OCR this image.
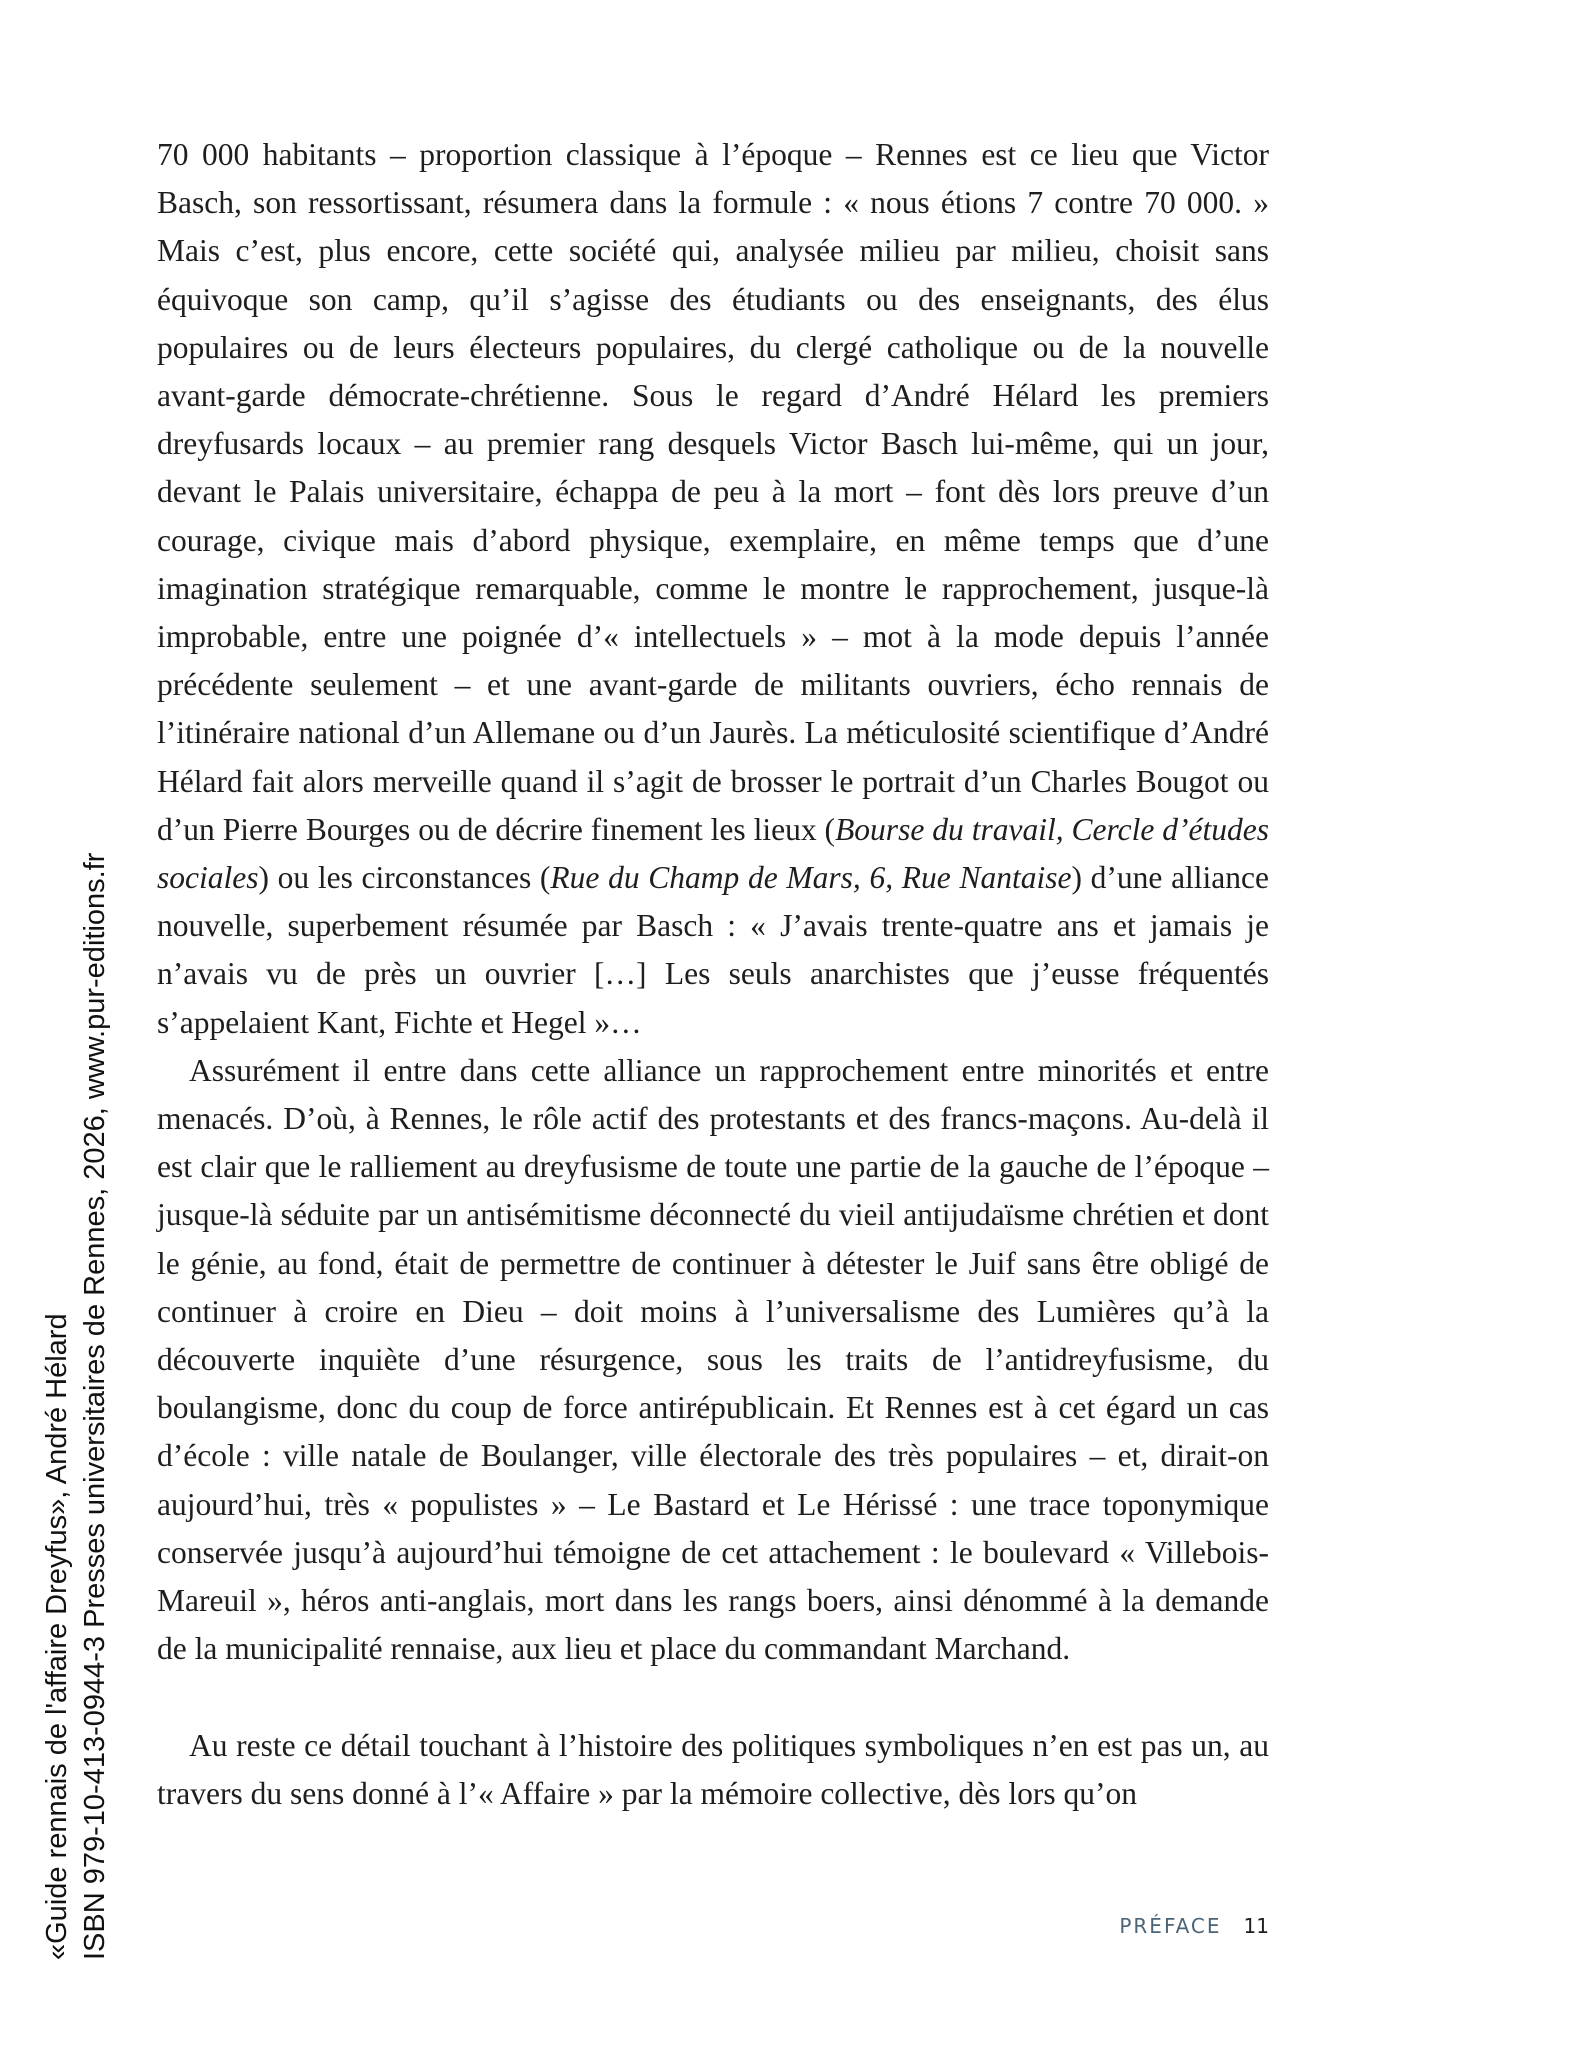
70 000 habitants – proportion classique à l’époque – Rennes est ce lieu que Victor Basch, son ressortissant, résumera dans la formule : « nous étions 7 contre 70 000. » Mais c’est, plus encore, cette société qui, analysée milieu par milieu, choisit sans équivoque son camp, qu’il s’agisse des étudiants ou des enseignants, des élus populaires ou de leurs électeurs populaires, du clergé catholique ou de la nouvelle avant-garde démocrate-chrétienne. Sous le regard d’André Hélard les premiers dreyfusards locaux – au premier rang desquels Victor Basch lui-même, qui un jour, devant le Palais universitaire, échappa de peu à la mort – font dès lors preuve d’un courage, civique mais d’abord physique, exemplaire, en même temps que d’une imagination stratégique remarquable, comme le montre le rapprochement, jusque-là improbable, entre une poignée d’« intellectuels » – mot à la mode depuis l’année précédente seulement – et une avant-garde de militants ouvriers, écho rennais de l’itinéraire national d’un Allemane ou d’un Jaurès. La méticulosité scientifique d’André Hélard fait alors merveille quand il s’agit de brosser le portrait d’un Charles Bougot ou d’un Pierre Bourges ou de décrire finement les lieux (Bourse du travail, Cercle d’études sociales) ou les circonstances (Rue du Champ de Mars, 6, Rue Nantaise) d’une alliance nouvelle, superbement résumée par Basch : « J’avais trente-quatre ans et jamais je n’avais vu de près un ouvrier […] Les seuls anarchistes que j’eusse fréquentés s’appelaient Kant, Fichte et Hegel »…

Assurément il entre dans cette alliance un rapprochement entre minorités et entre menacés. D’où, à Rennes, le rôle actif des protestants et des francs-maçons. Au-delà il est clair que le ralliement au dreyfusisme de toute une partie de la gauche de l’époque – jusque-là séduite par un antisémitisme déconnecté du vieil antijudaïsme chrétien et dont le génie, au fond, était de permettre de continuer à détester le Juif sans être obligé de continuer à croire en Dieu – doit moins à l’universalisme des Lumières qu’à la découverte inquiète d’une résurgence, sous les traits de l’antidreyfusisme, du boulangisme, donc du coup de force antirépublicain. Et Rennes est à cet égard un cas d’école : ville natale de Boulanger, ville électorale des très populaires – et, dirait-on aujourd’hui, très « populistes » – Le Bastard et Le Hérissé : une trace toponymique conservée jusqu’à aujourd’hui témoigne de cet attachement : le boulevard « Villebois-Mareuil », héros anti-anglais, mort dans les rangs boers, ainsi dénommé à la demande de la municipalité rennaise, aux lieu et place du commandant Marchand.

Au reste ce détail touchant à l’histoire des politiques symboliques n’en est pas un, au travers du sens donné à l’« Affaire » par la mémoire collective, dès lors qu’on

«Guide rennais de l'affaire Dreyfus», André Hélard ISBN 979-10-413-0944-3 Presses universitaires de Rennes, 2026, www.pur-editions.fr	PRÉFACE 11
